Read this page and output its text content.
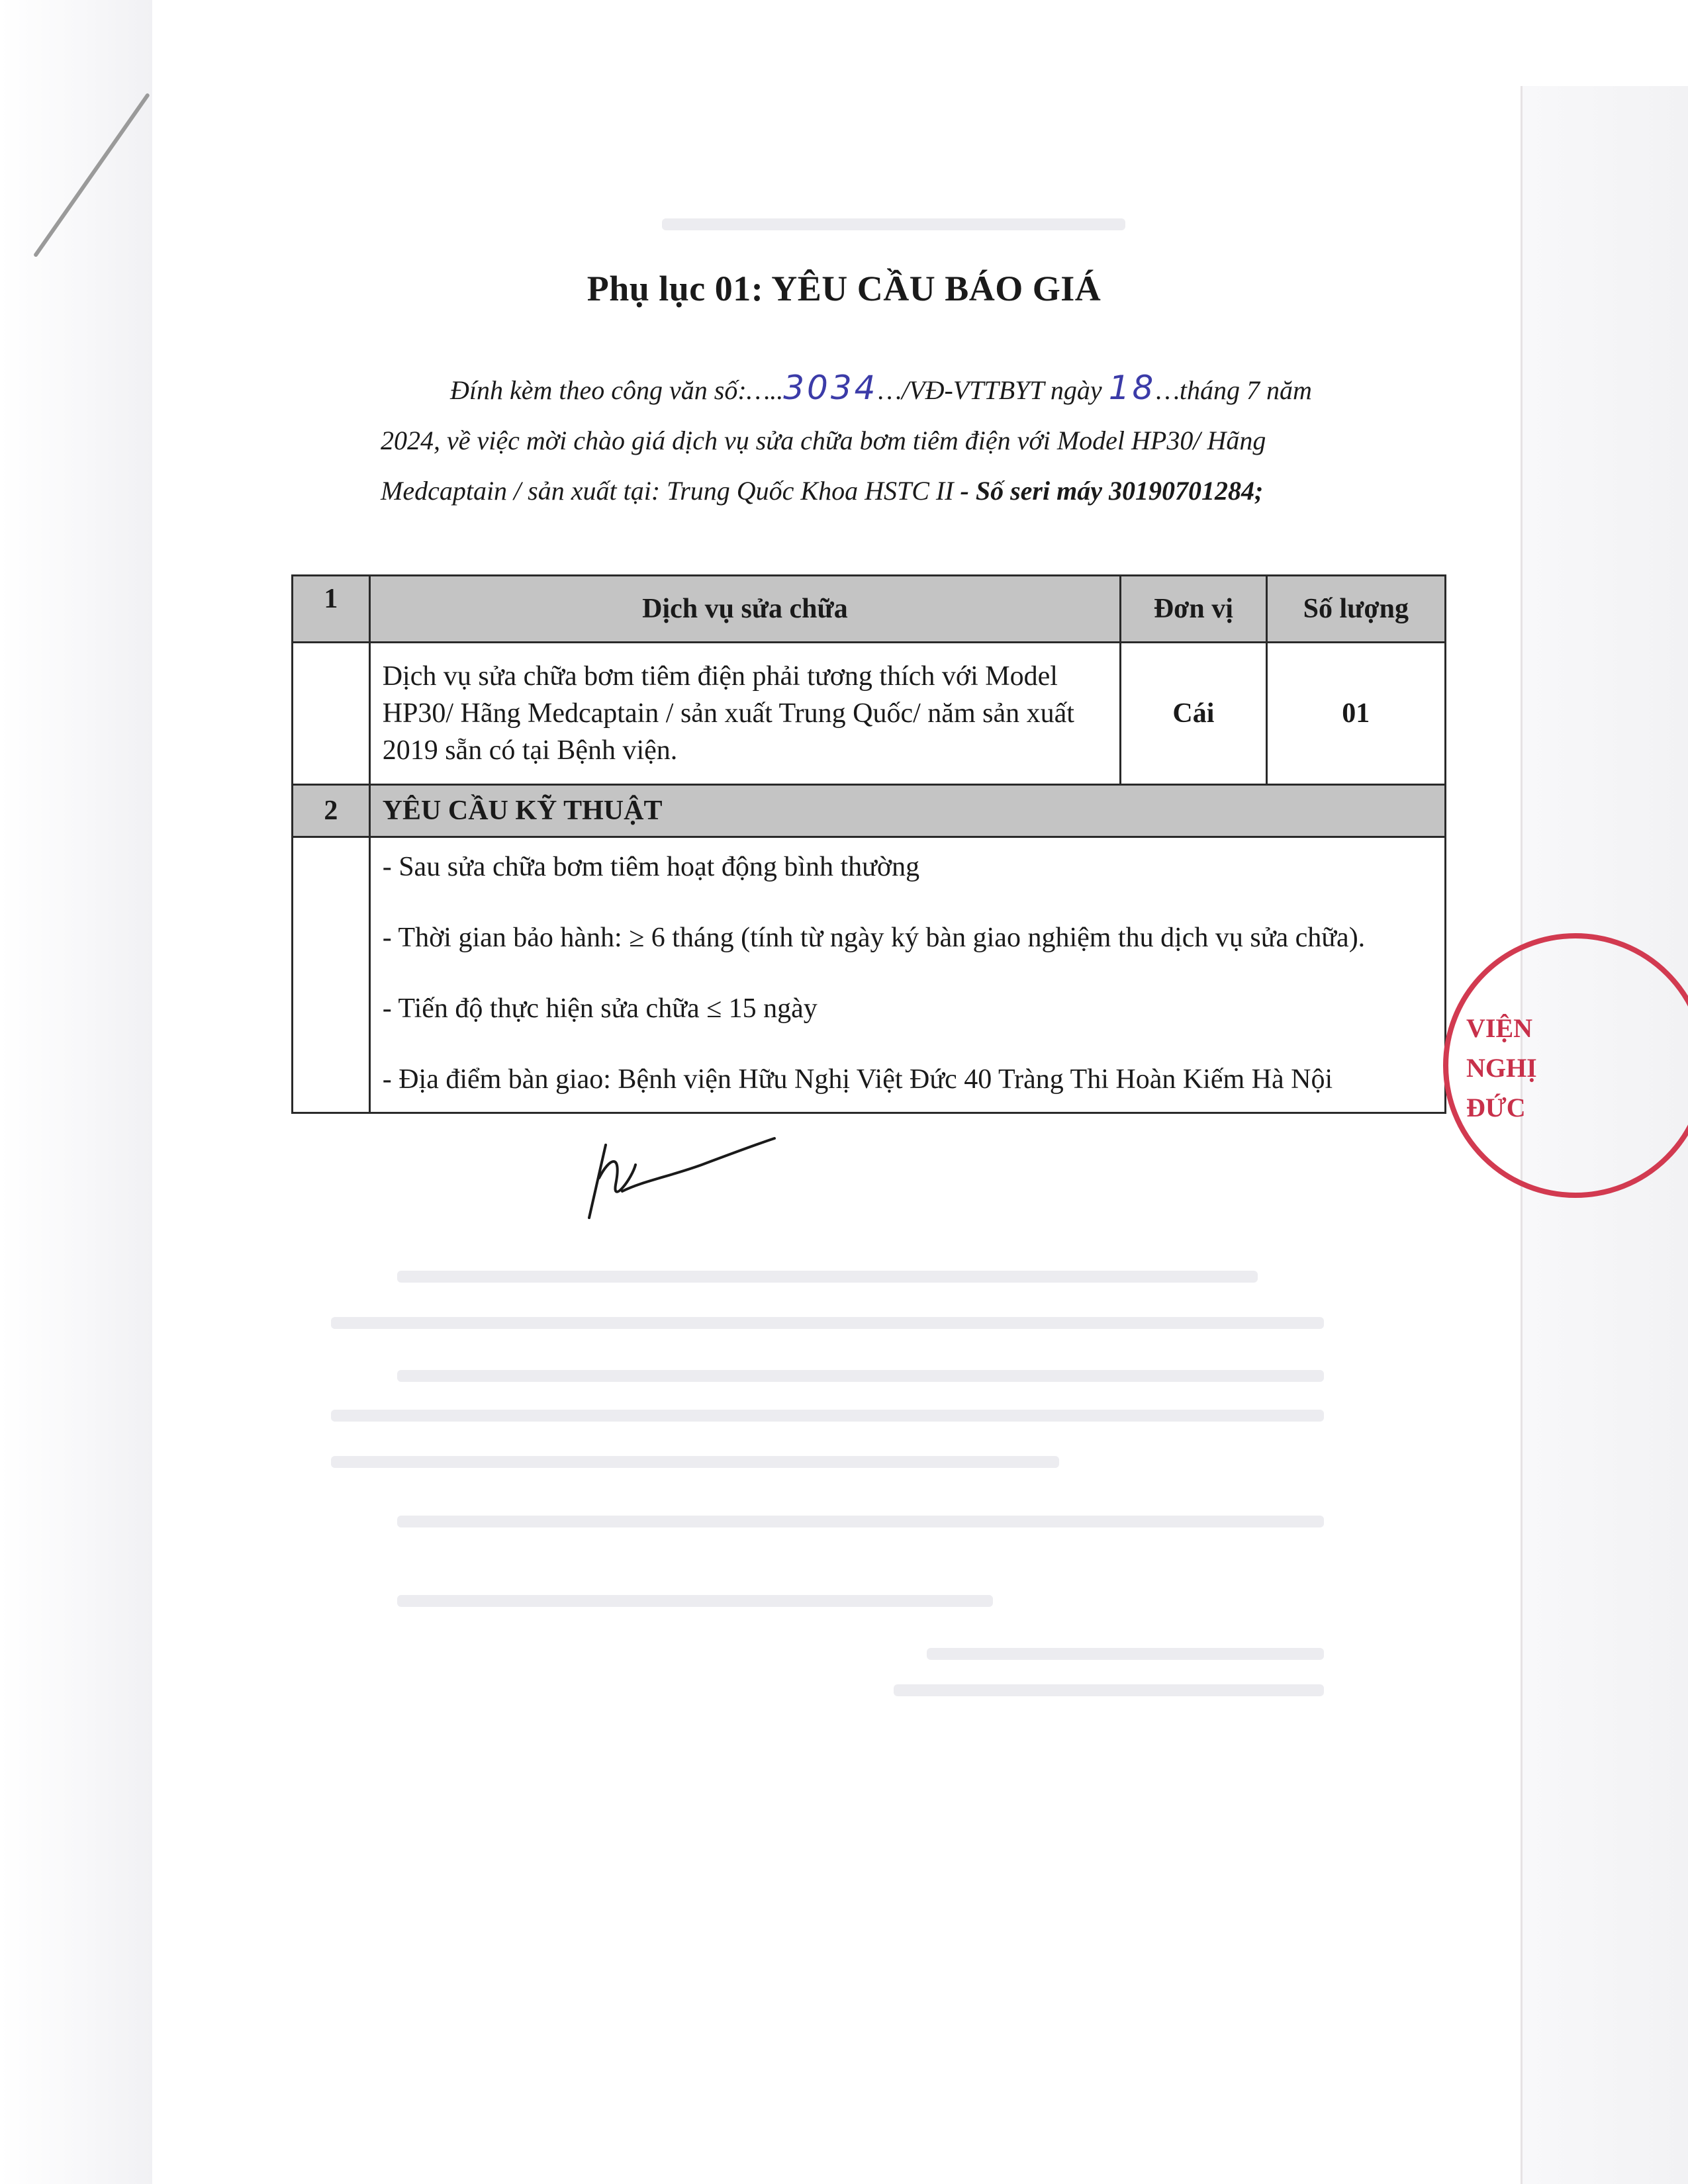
Phụ lục 01: YÊU CẦU BÁO GIÁ
Đính kèm theo công văn số:…..3034…/VĐ-VTTBYT ngày 18…tháng 7 năm
2024, về việc mời chào giá dịch vụ sửa chữa bơm tiêm điện với Model HP30/ Hãng
Medcaptain / sản xuất tại: Trung Quốc Khoa HSTC II - Số seri máy 30190701284;
1	Dịch vụ sửa chữa	Đơn vị	Số lượng
	Dịch vụ sửa chữa bơm tiêm điện phải tương thích với Model HP30/ Hãng Medcaptain / sản xuất Trung Quốc/ năm sản xuất 2019 sẵn có tại Bệnh viện.	Cái	01
2	YÊU CẦU KỸ THUẬT		

	- Sau sửa chữa bơm tiêm hoạt động bình thường
- Thời gian bảo hành: ≥ 6 tháng (tính từ ngày ký bàn giao nghiệm thu dịch vụ sửa chữa).
- Tiến độ thực hiện sửa chữa ≤ 15 ngày
- Địa điểm bàn giao: Bệnh viện Hữu Nghị Việt Đức 40 Tràng Thi Hoàn Kiếm Hà Nội		
VIỆN
NGHỊ
ĐỨC
